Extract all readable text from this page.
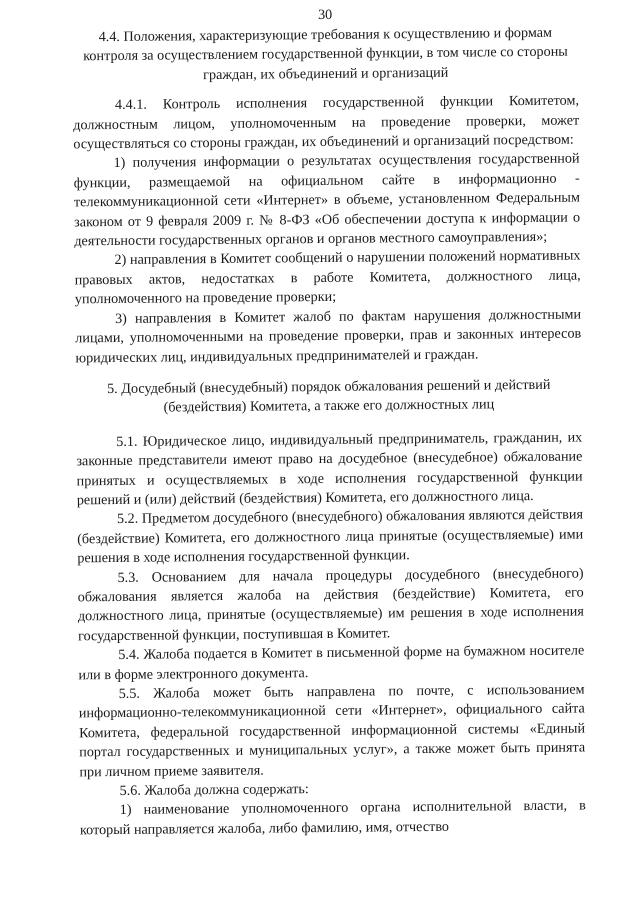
30
4.4. Положения, характеризующие требования к осуществлению и формам контроля за осуществлением государственной функции, в том числе со стороны граждан, их объединений и организаций

4.4.1. Контроль исполнения государственной функции Комитетом, должностным лицом, уполномоченным на проведение проверки, может осуществляться со стороны граждан, их объединений и организаций посредством:

1) получения информации о результатах осуществления государственной функции, размещаемой на официальном сайте в информационно - телекоммуникационной сети «Интернет» в объеме, установленном Федеральным законом от 9 февраля 2009 г. № 8-ФЗ «Об обеспечении доступа к информации о деятельности государственных органов и органов местного самоуправления»;

2) направления в Комитет сообщений о нарушении положений нормативных правовых актов, недостатках в работе Комитета, должностного лица, уполномоченного на проведение проверки;

3) направления в Комитет жалоб по фактам нарушения должностными лицами, уполномоченными на проведение проверки, прав и законных интересов юридических лиц, индивидуальных предпринимателей и граждан.

5. Досудебный (внесудебный) порядок обжалования решений и действий (бездействия) Комитета, а также его должностных лиц

5.1. Юридическое лицо, индивидуальный предприниматель, гражданин, их законные представители имеют право на досудебное (внесудебное) обжалование принятых и осуществляемых в ходе исполнения государственной функции решений и (или) действий (бездействия) Комитета, его должностного лица.

5.2. Предметом досудебного (внесудебного) обжалования являются действия (бездействие) Комитета, его должностного лица принятые (осуществляемые) ими решения в ходе исполнения государственной функции.

5.3. Основанием для начала процедуры досудебного (внесудебного) обжалования является жалоба на действия (бездействие) Комитета, его должностного лица, принятые (осуществляемые) им решения в ходе исполнения государственной функции, поступившая в Комитет.

5.4. Жалоба подается в Комитет в письменной форме на бумажном носителе или в форме электронного документа.

5.5. Жалоба может быть направлена по почте, с использованием информационно-телекоммуникационной сети «Интернет», официального сайта Комитета, федеральной государственной информационной системы «Единый портал государственных и муниципальных услуг», а также может быть принята при личном приеме заявителя.

5.6. Жалоба должна содержать:

1) наименование уполномоченного органа исполнительной власти, в который направляется жалоба, либо фамилию, имя, отчество
